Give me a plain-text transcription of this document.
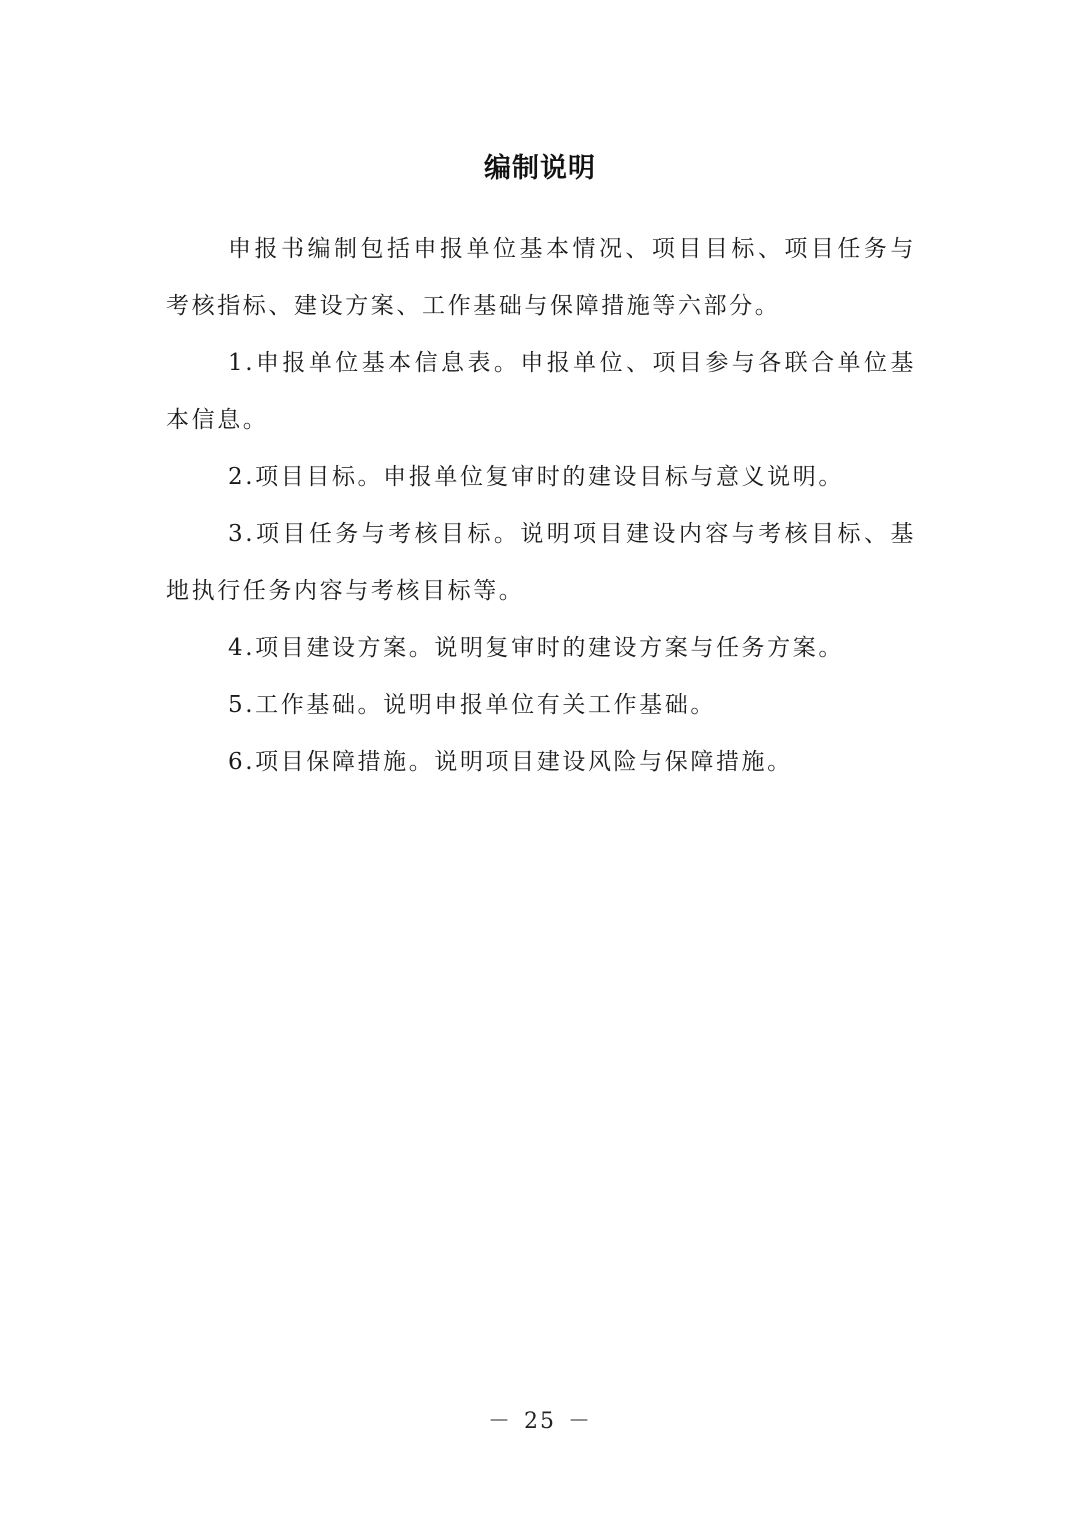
编制说明

申报书编制包括申报单位基本情况、项目目标、项目任务与考核指标、建设方案、工作基础与保障措施等六部分。

1.申报单位基本信息表。申报单位、项目参与各联合单位基本信息。

2.项目目标。申报单位复审时的建设目标与意义说明。

3.项目任务与考核目标。说明项目建设内容与考核目标、基地执行任务内容与考核目标等。

4.项目建设方案。说明复审时的建设方案与任务方案。

5.工作基础。说明申报单位有关工作基础。

6.项目保障措施。说明项目建设风险与保障措施。

－ 25 －
